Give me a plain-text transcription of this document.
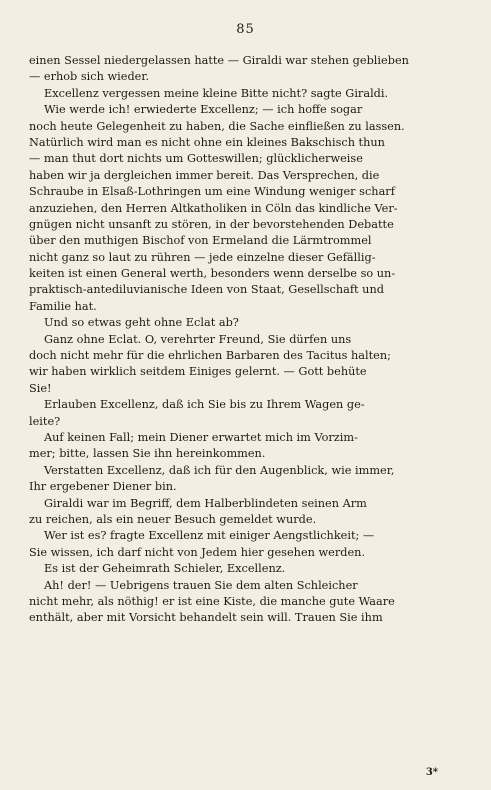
85
einen Sessel niedergelassen hatte — Giraldi war stehen geblieben
— erhob sich wieder.
Excellenz vergessen meine kleine Bitte nicht? sagte Giraldi.
Wie werde ich! erwiederte Excellenz; — ich hoffe sogar
noch heute Gelegenheit zu haben, die Sache einfließen zu lassen.
Natürlich wird man es nicht ohne ein kleines Bakschisch thun
— man thut dort nichts um Gotteswillen; glücklicherweise
haben wir ja dergleichen immer bereit. Das Versprechen, die
Schraube in Elsaß-Lothringen um eine Windung weniger scharf
anzuziehen, den Herren Altkatholiken in Cöln das kindliche Ver-
gnügen nicht unsanft zu stören, in der bevorstehenden Debatte
über den muthigen Bischof von Ermeland die Lärmtrommel
nicht ganz so laut zu rühren — jede einzelne dieser Gefällig-
keiten ist einen General werth, besonders wenn derselbe so un-
praktisch-antediluvianische Ideen von Staat, Gesellschaft und
Familie hat.
Und so etwas geht ohne Eclat ab?
Ganz ohne Eclat. O, verehrter Freund, Sie dürfen uns
doch nicht mehr für die ehrlichen Barbaren des Tacitus halten;
wir haben wirklich seitdem Einiges gelernt. — Gott behüte
Sie!
Erlauben Excellenz, daß ich Sie bis zu Ihrem Wagen ge-
leite?
Auf keinen Fall; mein Diener erwartet mich im Vorzim-
mer; bitte, lassen Sie ihn hereinkommen.
Verstatten Excellenz, daß ich für den Augenblick, wie immer,
Ihr ergebener Diener bin.
Giraldi war im Begriff, dem Halberblindeten seinen Arm
zu reichen, als ein neuer Besuch gemeldet wurde.
Wer ist es? fragte Excellenz mit einiger Aengstlichkeit; —
Sie wissen, ich darf nicht von Jedem hier gesehen werden.
Es ist der Geheimrath Schieler, Excellenz.
Ah! der! — Uebrigens trauen Sie dem alten Schleicher
nicht mehr, als nöthig! er ist eine Kiste, die manche gute Waare
enthält, aber mit Vorsicht behandelt sein will. Trauen Sie ihm
3*
